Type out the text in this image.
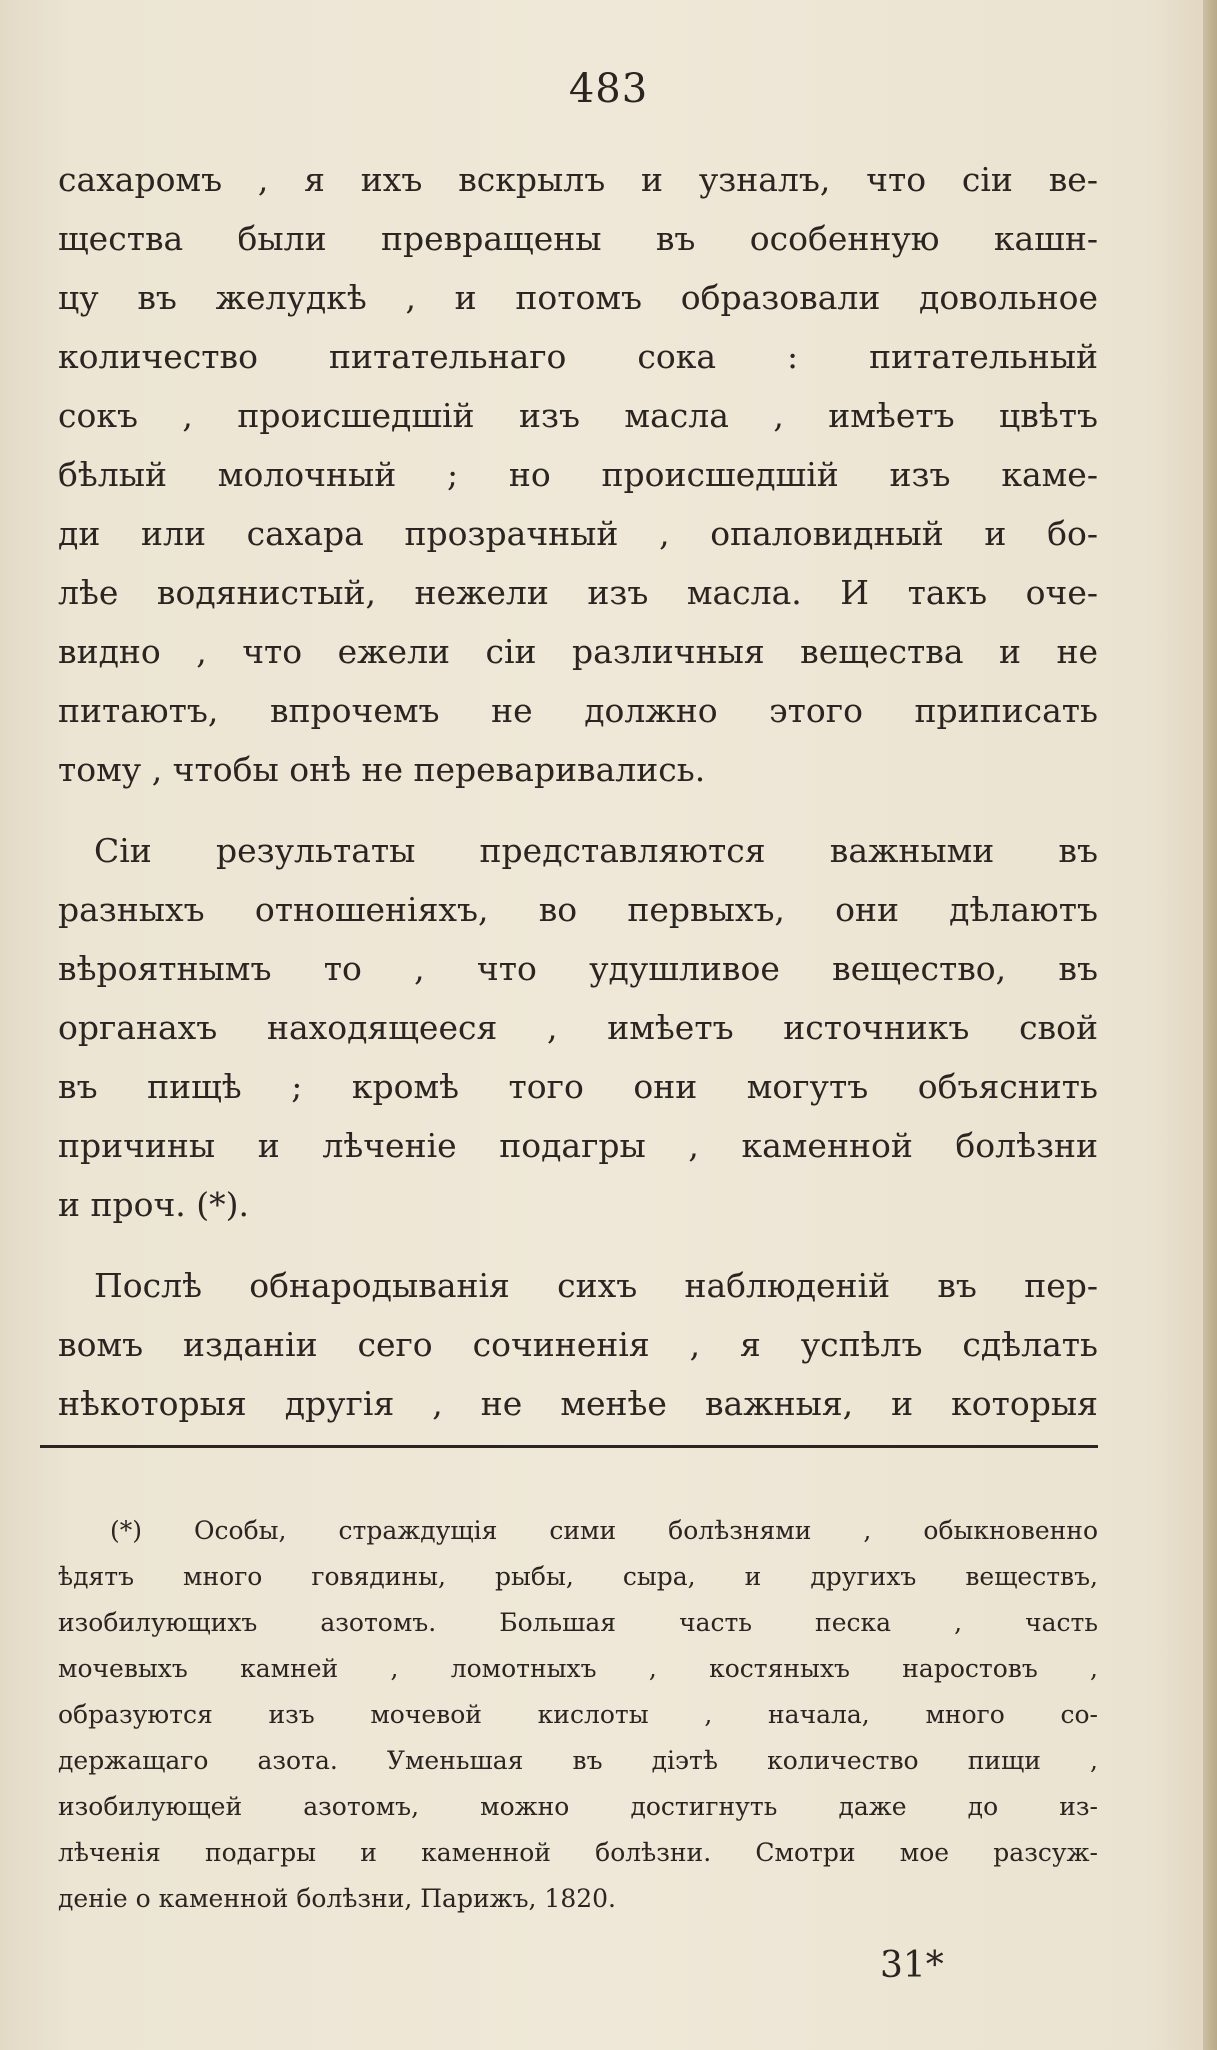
483
сахаромъ , я ихъ вскрылъ и узналъ, что сіи ве-
щества были превращены въ особенную кашн-
цу въ желудкѣ , и потомъ образовали довольное
количество питательнаго сока : питательный
сокъ , происшедшій изъ масла , имѣетъ цвѣтъ
бѣлый молочный ; но происшедшій изъ каме-
ди или сахара прозрачный , опаловидный и бо-
лѣе водянистый, нежели изъ масла. И такъ оче-
видно , что ежели сіи различныя вещества и не
питаютъ, впрочемъ не должно этого приписать
тому , чтобы онѣ не переваривались.
Сіи результаты представляются важными въ
разныхъ отношеніяхъ, во первыхъ, они дѣлаютъ
вѣроятнымъ то , что удушливое вещество, въ
органахъ находящееся , имѣетъ источникъ свой
въ пищѣ ; кромѣ того они могутъ объяснить
причины и лѣченіе подагры , каменной болѣзни
и проч. (*).
Послѣ обнародыванія сихъ наблюденій въ пер-
вомъ изданіи сего сочиненія , я успѣлъ сдѣлать
нѣкоторыя другія , не менѣе важныя, и которыя
(*) Особы, страждущія сими болѣзнями , обыкновенно
ѣдятъ много говядины, рыбы, сыра, и другихъ веществъ,
изобилующихъ азотомъ. Большая часть песка , часть
мочевыхъ камней , ломотныхъ , костяныхъ наростовъ ,
образуются изъ мочевой кислоты , начала, много со-
держащаго азота. Уменьшая въ діэтѣ количество пищи ,
изобилующей азотомъ, можно достигнуть даже до из-
лѣченія подагры и каменной болѣзни. Смотри мое разсуж-
деніе о каменной болѣзни, Парижъ, 1820.
31*
